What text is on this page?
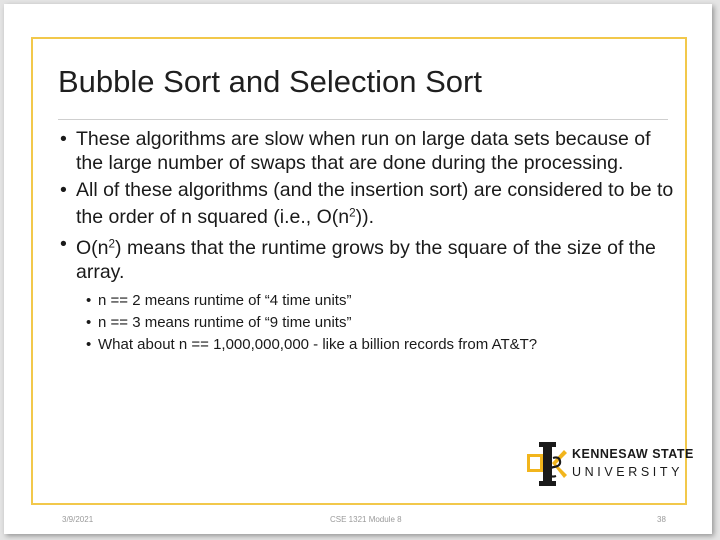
Bubble Sort and Selection Sort
• These algorithms are slow when run on large data sets because of the large number of swaps that are done during the processing.
• All of these algorithms (and the insertion sort) are considered to be to the order of n squared (i.e., $O(n^2)$).
• $O(n^2)$ means that the runtime grows by the square of the size of the array.
• n == 2 means runtime of “4 time units”
• n == 3 means runtime of “9 time units”
• What about n == 1,000,000,000 - like a billion records from AT&T?
KENNESAW STATE
UNIVERSITY
3/9/2021	CSE 1321 Module 8	38
